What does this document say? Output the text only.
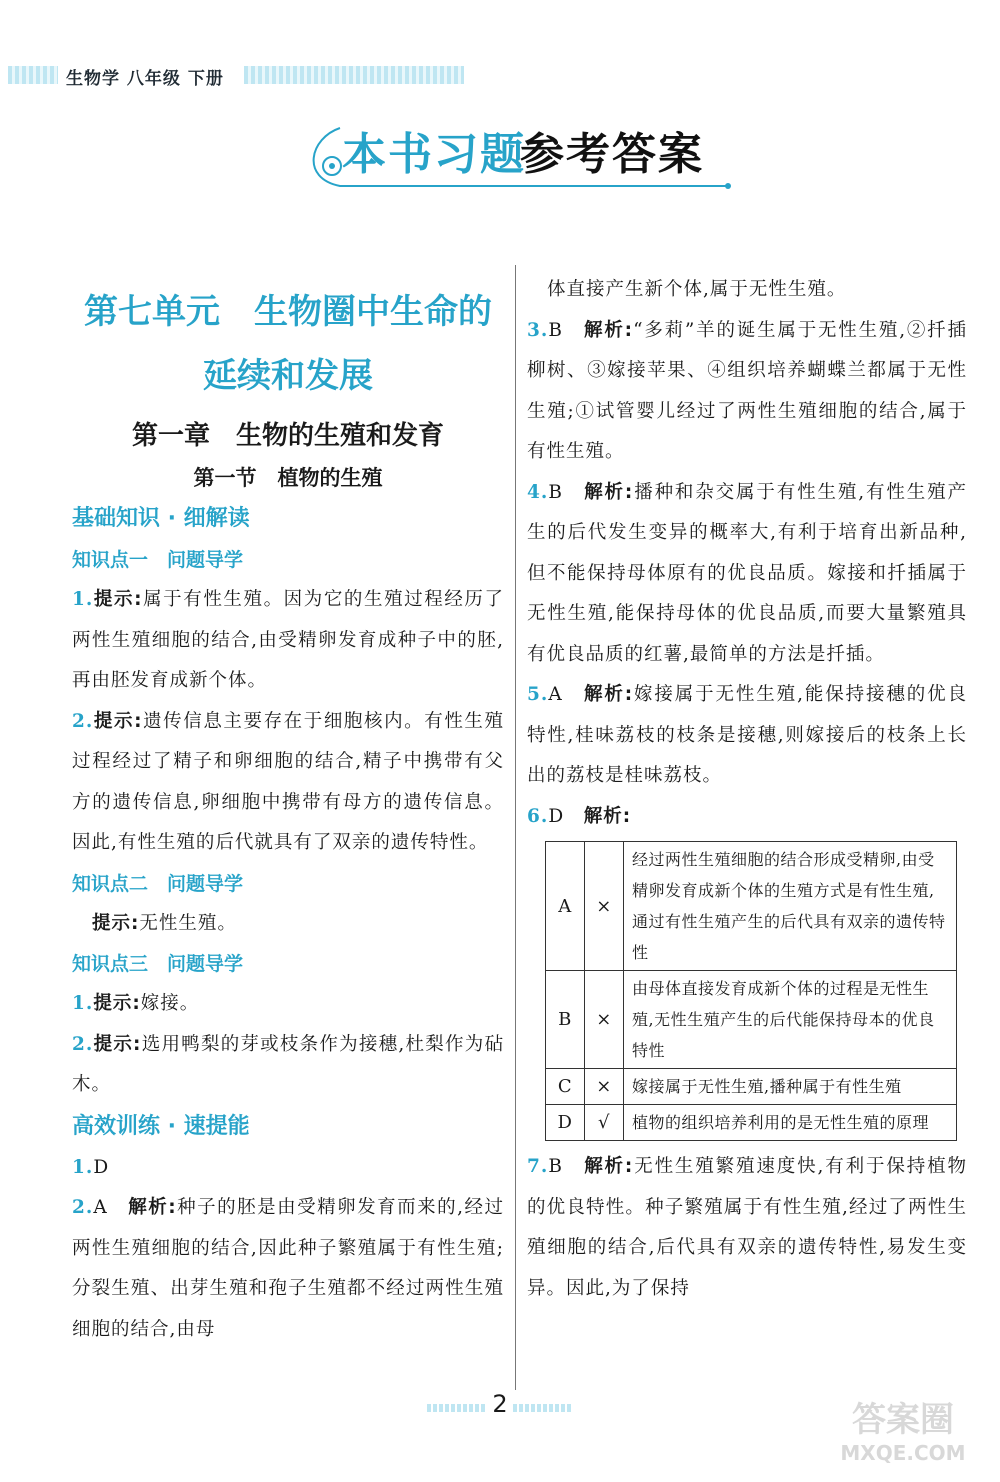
生物学 八年级 下册
本书习题
参考答案
第七单元　生物圈中生命的
延续和发展
第一章　生物的生殖和发育
第一节　植物的生殖
基础知识 · 细解读
知识点一　问题导学
1.提示:属于有性生殖。因为它的生殖过程经历了两性生殖细胞的结合,由受精卵发育成种子中的胚,再由胚发育成新个体。
2.提示:遗传信息主要存在于细胞核内。有性生殖过程经过了精子和卵细胞的结合,精子中携带有父方的遗传信息,卵细胞中携带有母方的遗传信息。因此,有性生殖的后代就具有了双亲的遗传特性。
知识点二　问题导学
提示:无性生殖。
知识点三　问题导学
1.提示:嫁接。
2.提示:选用鸭梨的芽或枝条作为接穗,杜梨作为砧木。
高效训练 · 速提能
1.D
2.A　 解析:种子的胚是由受精卵发育而来的,经过两性生殖细胞的结合,因此种子繁殖属于有性生殖;分裂生殖、出芽生殖和孢子生殖都不经过两性生殖细胞的结合,由母
体直接产生新个体,属于无性生殖。
3.B　 解析:“多莉”羊的诞生属于无性生殖,②扦插柳树、③嫁接苹果、④组织培养蝴蝶兰都属于无性生殖;①试管婴儿经过了两性生殖细胞的结合,属于有性生殖。
4.B　 解析:播种和杂交属于有性生殖,有性生殖产生的后代发生变异的概率大,有利于培育出新品种,但不能保持母体原有的优良品质。嫁接和扦插属于无性生殖,能保持母体的优良品质,而要大量繁殖具有优良品质的红薯,最简单的方法是扦插。
5.A　 解析:嫁接属于无性生殖,能保持接穗的优良特性,桂味荔枝的枝条是接穗,则嫁接后的枝条上长出的荔枝是桂味荔枝。
6.D　 解析:
A	×	经过两性生殖细胞的结合形成受精卵,由受精卵发育成新个体的生殖方式是有性生殖,通过有性生殖产生的后代具有双亲的遗传特性
B	×	由母体直接发育成新个体的过程是无性生殖,无性生殖产生的后代能保持母本的优良特性
C	×	嫁接属于无性生殖,播种属于有性生殖
D	√	植物的组织培养利用的是无性生殖的原理
7.B　 解析:无性生殖繁殖速度快,有利于保持植物的优良特性。种子繁殖属于有性生殖,经过了两性生殖细胞的结合,后代具有双亲的遗传特性,易发生变异。因此,为了保持
2	答案圈
MXQE.COM
